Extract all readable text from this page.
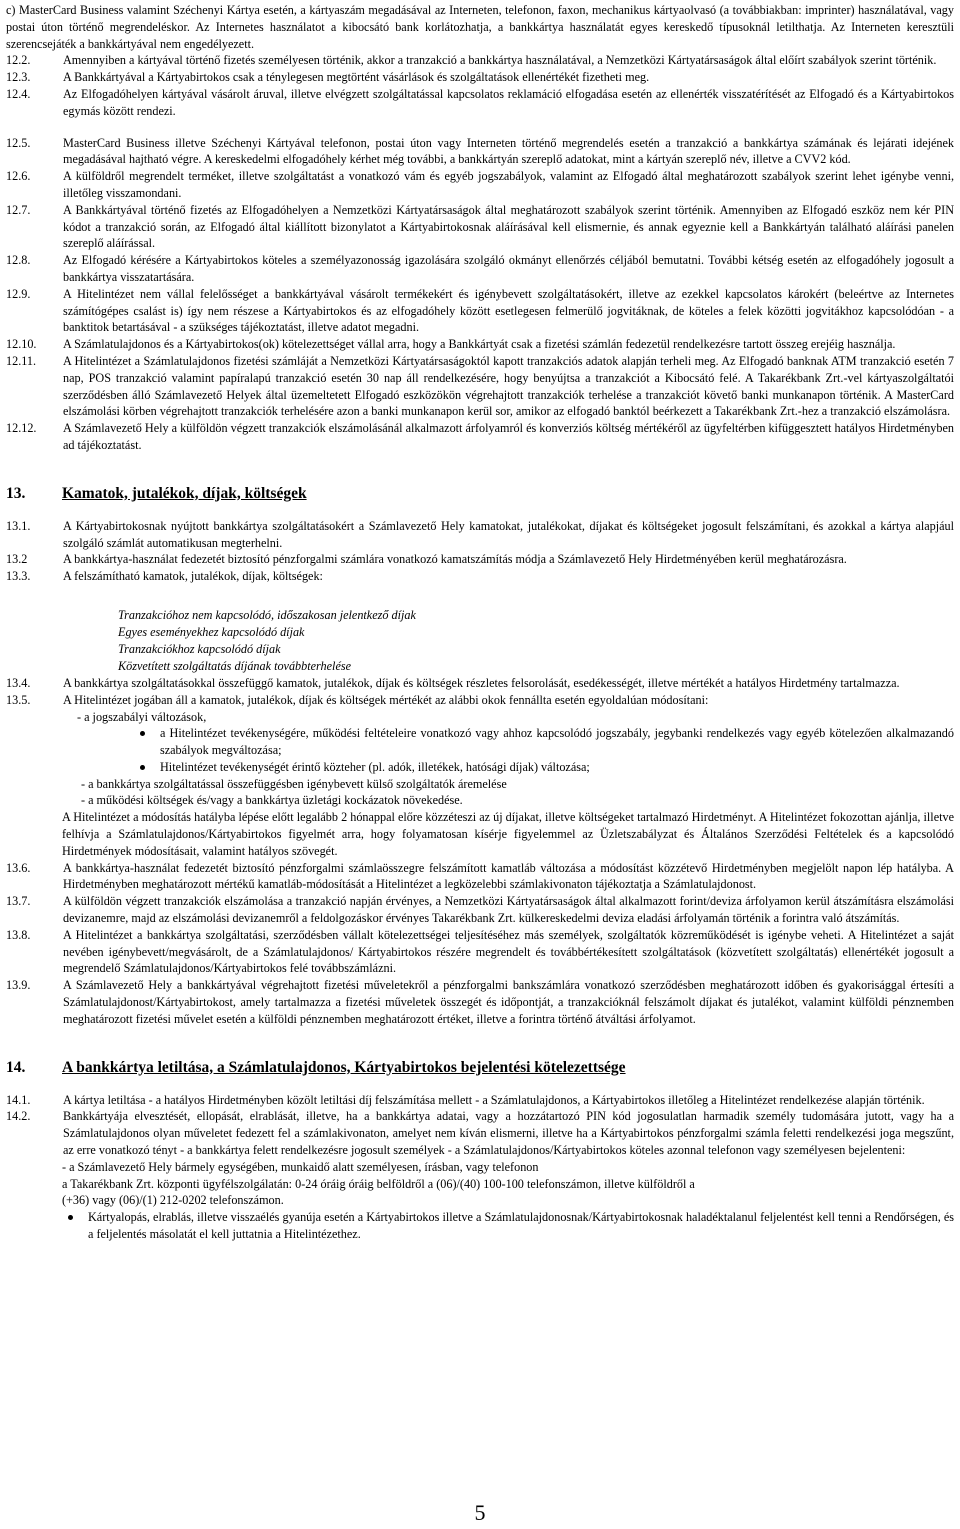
c) MasterCard Business valamint Széchenyi Kártya esetén, a kártyaszám megadásával az Interneten, telefonon, faxon, mechanikus kártyaolvasó (a továbbiakban: imprinter) használatával, vagy postai úton történő megrendeléskor. Az Internetes használatot a kibocsátó bank korlátozhatja, a bankkártya használatát egyes kereskedő típusoknál letilthatja. Az Interneten keresztüli szerencsejáték a bankkártyával nem engedélyezett.
12.2.	Amennyiben a kártyával történő fizetés személyesen történik, akkor a tranzakció a bankkártya használatával, a Nemzetközi Kártyatársaságok által előírt szabályok szerint történik.
12.3.	A Bankkártyával a Kártyabirtokos csak a ténylegesen megtörtént vásárlások és szolgáltatások ellenértékét fizetheti meg.
12.4.	Az Elfogadóhelyen kártyával vásárolt áruval, illetve elvégzett szolgáltatással kapcsolatos reklamáció elfogadása esetén az ellenérték visszatérítését az Elfogadó és a Kártyabirtokos egymás között rendezi.
12.5.	MasterCard Business illetve Széchenyi Kártyával telefonon, postai úton vagy Interneten történő megrendelés esetén a tranzakció a bankkártya számának és lejárati idejének megadásával hajtható végre. A kereskedelmi elfogadóhely kérhet még további, a bankkártyán szereplő adatokat, mint a kártyán szereplő név, illetve a CVV2 kód.
12.6.	A külföldről megrendelt terméket, illetve szolgáltatást a vonatkozó vám és egyéb jogszabályok, valamint az Elfogadó által meghatározott szabályok szerint lehet igénybe venni, illetőleg visszamondani.
12.7.	A Bankkártyával történő fizetés az Elfogadóhelyen a Nemzetközi Kártyatársaságok által meghatározott szabályok szerint történik. Amennyiben az Elfogadó eszköz nem kér PIN kódot a tranzakció során, az Elfogadó által kiállított bizonylatot a Kártyabirtokosnak aláírásával kell elismernie, és annak egyeznie kell a Bankkártyán található aláírási panelen szereplő aláírással.
12.8.	Az Elfogadó kérésére a Kártyabirtokos köteles a személyazonosság igazolására szolgáló okmányt ellenőrzés céljából bemutatni. További kétség esetén az elfogadóhely jogosult a bankkártya visszatartására.
12.9.	A Hitelintézet nem vállal felelősséget a bankkártyával vásárolt termékekért és igénybevett szolgáltatásokért, illetve az ezekkel kapcsolatos károkért (beleértve az Internetes számítógépes csalást is) így nem részese a Kártyabirtokos és az elfogadóhely között esetlegesen felmerülő jogvitáknak, de köteles a felek közötti jogvitákhoz kapcsolódóan - a banktitok betartásával - a szükséges tájékoztatást, illetve adatot megadni.
12.10.	A Számlatulajdonos és a Kártyabirtokos(ok) kötelezettséget vállal arra, hogy a Bankkártyát csak a fizetési számlán fedezetül rendelkezésre tartott összeg erejéig használja.
12.11.	A Hitelintézet a Számlatulajdonos fizetési számláját a Nemzetközi Kártyatársaságoktól kapott tranzakciós adatok alapján terheli meg. Az Elfogadó banknak ATM tranzakció esetén 7 nap, POS tranzakció valamint papíralapú tranzakció esetén 30 nap áll rendelkezésére, hogy benyújtsa a tranzakciót a Kibocsátó felé. A Takarékbank Zrt.-vel kártyaszolgáltatói szerződésben álló Számlavezető Helyek által üzemeltetett Elfogadó eszközökön végrehajtott tranzakciók terhelése a tranzakciót követő banki munkanapon történik. A MasterCard elszámolási körben végrehajtott tranzakciók terhelésére azon a banki munkanapon kerül sor, amikor az elfogadó banktól beérkezett a Takarékbank Zrt.-hez a tranzakció elszámolásra.
12.12.	A Számlavezető Hely a külföldön végzett tranzakciók elszámolásánál alkalmazott árfolyamról és konverziós költség mértékéről az ügyfeltérben kifüggesztett hatályos Hirdetményben ad tájékoztatást.
13.	Kamatok, jutalékok, díjak, költségek
13.1.	A Kártyabirtokosnak nyújtott bankkártya szolgáltatásokért a Számlavezető Hely kamatokat, jutalékokat, díjakat és költségeket jogosult felszámítani, és azokkal a kártya alapjául szolgáló számlát automatikusan megterhelni.
13.2	A bankkártya-használat fedezetét biztosító pénzforgalmi számlára vonatkozó kamatszámítás módja a Számlavezető Hely Hirdetményében kerül meghatározásra.
13.3.	A felszámítható kamatok, jutalékok, díjak, költségek:
Tranzakcióhoz nem kapcsolódó, időszakosan jelentkező díjak
Egyes eseményekhez kapcsolódó díjak
Tranzakciókhoz kapcsolódó díjak
Közvetített szolgáltatás díjának továbbterhelése
13.4.	A bankkártya szolgáltatásokkal összefüggő kamatok, jutalékok, díjak és költségek részletes felsorolását, esedékességét, illetve mértékét a hatályos Hirdetmény tartalmazza.
13.5.	A Hitelintézet jogában áll a kamatok, jutalékok, díjak és költségek mértékét az alábbi okok fennállta esetén egyoldalúan módosítani:
- a jogszabályi változások,
a Hitelintézet tevékenységére, működési feltételeire vonatkozó vagy ahhoz kapcsolódó jogszabály, jegybanki rendelkezés vagy egyéb kötelezően alkalmazandó szabályok megváltozása;
Hitelintézet tevékenységét érintő közteher (pl. adók, illetékek, hatósági díjak) változása;
- a bankkártya szolgáltatással összefüggésben igénybevett külső szolgáltatók áremelése
- a működési költségek és/vagy a bankkártya üzletági kockázatok növekedése.
A Hitelintézet a módosítás hatályba lépése előtt legalább 2 hónappal előre közzéteszi az új díjakat, illetve költségeket tartalmazó Hirdetményt. A Hitelintézet fokozottan ajánlja, illetve felhívja a Számlatulajdonos/Kártyabirtokos figyelmét arra, hogy folyamatosan kísérje figyelemmel az Üzletszabályzat és Általános Szerződési Feltételek és a kapcsolódó Hirdetmények módosításait, valamint hatályos szövegét.
13.6.	A bankkártya-használat fedezetét biztosító pénzforgalmi számlaösszegre felszámított kamatláb változása a módosítást közzétevő Hirdetményben megjelölt napon lép hatályba. A Hirdetményben meghatározott mértékű kamatláb-módosítását a Hitelintézet a legközelebbi számlakivonaton tájékoztatja a Számlatulajdonost.
13.7.	A külföldön végzett tranzakciók elszámolása a tranzakció napján érvényes, a Nemzetközi Kártyatársaságok által alkalmazott forint/deviza árfolyamon kerül átszámításra elszámolási devizanemre, majd az elszámolási devizanemről a feldolgozáskor érvényes Takarékbank Zrt. külkereskedelmi deviza eladási árfolyamán történik a forintra való átszámítás.
13.8.	A Hitelintézet a bankkártya szolgáltatási, szerződésben vállalt kötelezettségei teljesítéséhez más személyek, szolgáltatók közreműködését is igénybe veheti. A Hitelintézet a saját nevében igénybevett/megvásárolt, de a Számlatulajdonos/ Kártyabirtokos részére megrendelt és továbbértékesített szolgáltatások (közvetített szolgáltatás) ellenértékét jogosult a megrendelő Számlatulajdonos/Kártyabirtokos felé továbbszámlázni.
13.9.	A Számlavezető Hely a bankkártyával végrehajtott fizetési műveletekről a pénzforgalmi bankszámlára vonatkozó szerződésben meghatározott időben és gyakorisággal értesíti a Számlatulajdonost/Kártyabirtokost, amely tartalmazza a fizetési műveletek összegét és időpontját, a tranzakcióknál felszámolt díjakat és jutalékot, valamint külföldi pénznemben meghatározott fizetési művelet esetén a külföldi pénznemben meghatározott értéket, illetve a forintra történő átváltási árfolyamot.
14.	A bankkártya letiltása, a Számlatulajdonos, Kártyabirtokos bejelentési kötelezettsége
14.1.	A kártya letiltása - a hatályos Hirdetményben közölt letiltási díj felszámítása mellett - a Számlatulajdonos, a Kártyabirtokos illetőleg a Hitelintézet rendelkezése alapján történik.
14.2.	Bankkártyája elvesztését, ellopását, elrablását, illetve, ha a bankkártya adatai, vagy a hozzátartozó PIN kód jogosulatlan harmadik személy tudomására jutott, vagy ha a Számlatulajdonos olyan műveletet fedezett fel a számlakivonaton, amelyet nem kíván elismerni, illetve ha a Kártyabirtokos pénzforgalmi számla feletti rendelkezési joga megszűnt, az erre vonatkozó tényt - a bankkártya felett rendelkezésre jogosult személyek - a Számlatulajdonos/Kártyabirtokos köteles azonnal telefonon vagy személyesen bejelenteni:
- a Számlavezető Hely bármely egységében, munkaidő alatt személyesen, írásban, vagy telefonon
a Takarékbank Zrt. központi ügyfélszolgálatán: 0-24 óráig óráig belföldről a (06)/(40) 100-100 telefonszámon, illetve külföldről a
(+36) vagy (06)/(1) 212-0202 telefonszámon.
Kártyalopás, elrablás, illetve visszaélés gyanúja esetén a Kártyabirtokos illetve a Számlatulajdonosnak/Kártyabirtokosnak haladéktalanul feljelentést kell tenni a Rendőrségen, és a feljelentés másolatát el kell juttatnia a Hitelintézethez.
5
